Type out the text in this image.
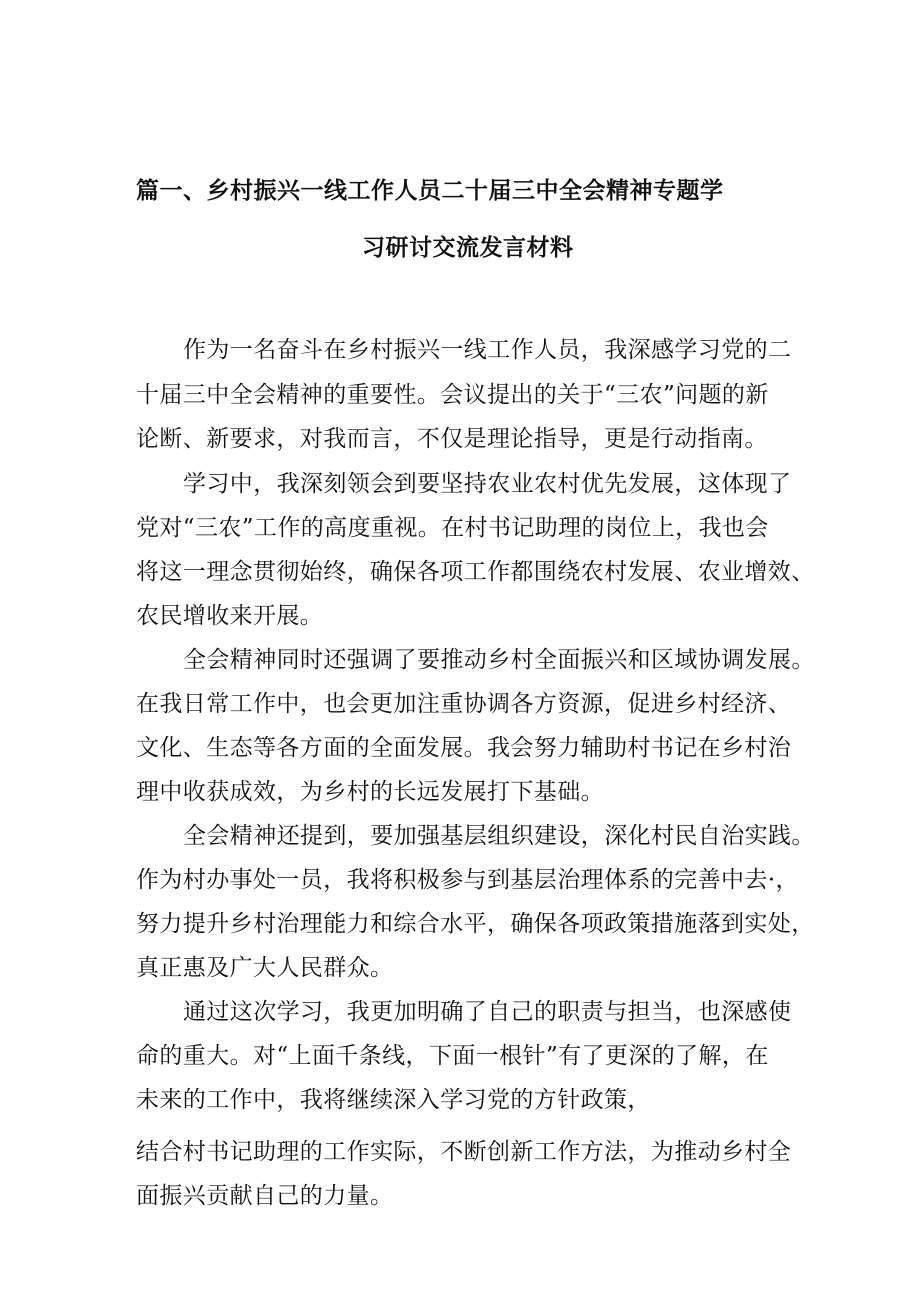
篇一、乡村振兴一线工作人员二十届三中全会精神专题学
习研讨交流发言材料
作为一名奋斗在乡村振兴一线工作人员，我深感学习党的二
十届三中全会精神的重要性。会议提出的关于“三农”问题的新
论断、新要求，对我而言，不仅是理论指导，更是行动指南。
学习中，我深刻领会到要坚持农业农村优先发展，这体现了
党对“三农”工作的高度重视。在村书记助理的岗位上，我也会
将这一理念贯彻始终，确保各项工作都围绕农村发展、农业增效、
农民增收来开展。
全会精神同时还强调了要推动乡村全面振兴和区域协调发展。
在我日常工作中，也会更加注重协调各方资源，促进乡村经济、
文化、生态等各方面的全面发展。我会努力辅助村书记在乡村治
理中收获成效，为乡村的长远发展打下基础。
全会精神还提到，要加强基层组织建设，深化村民自治实践。
作为村办事处一员，我将积极参与到基层治理体系的完善中去·，
努力提升乡村治理能力和综合水平，确保各项政策措施落到实处，
真正惠及广大人民群众。
通过这次学习，我更加明确了自己的职责与担当，也深感使
命的重大。对“上面千条线，下面一根针”有了更深的了解，在
未来的工作中，我将继续深入学习党的方针政策，
结合村书记助理的工作实际，不断创新工作方法，为推动乡村全
面振兴贡献自己的力量。
